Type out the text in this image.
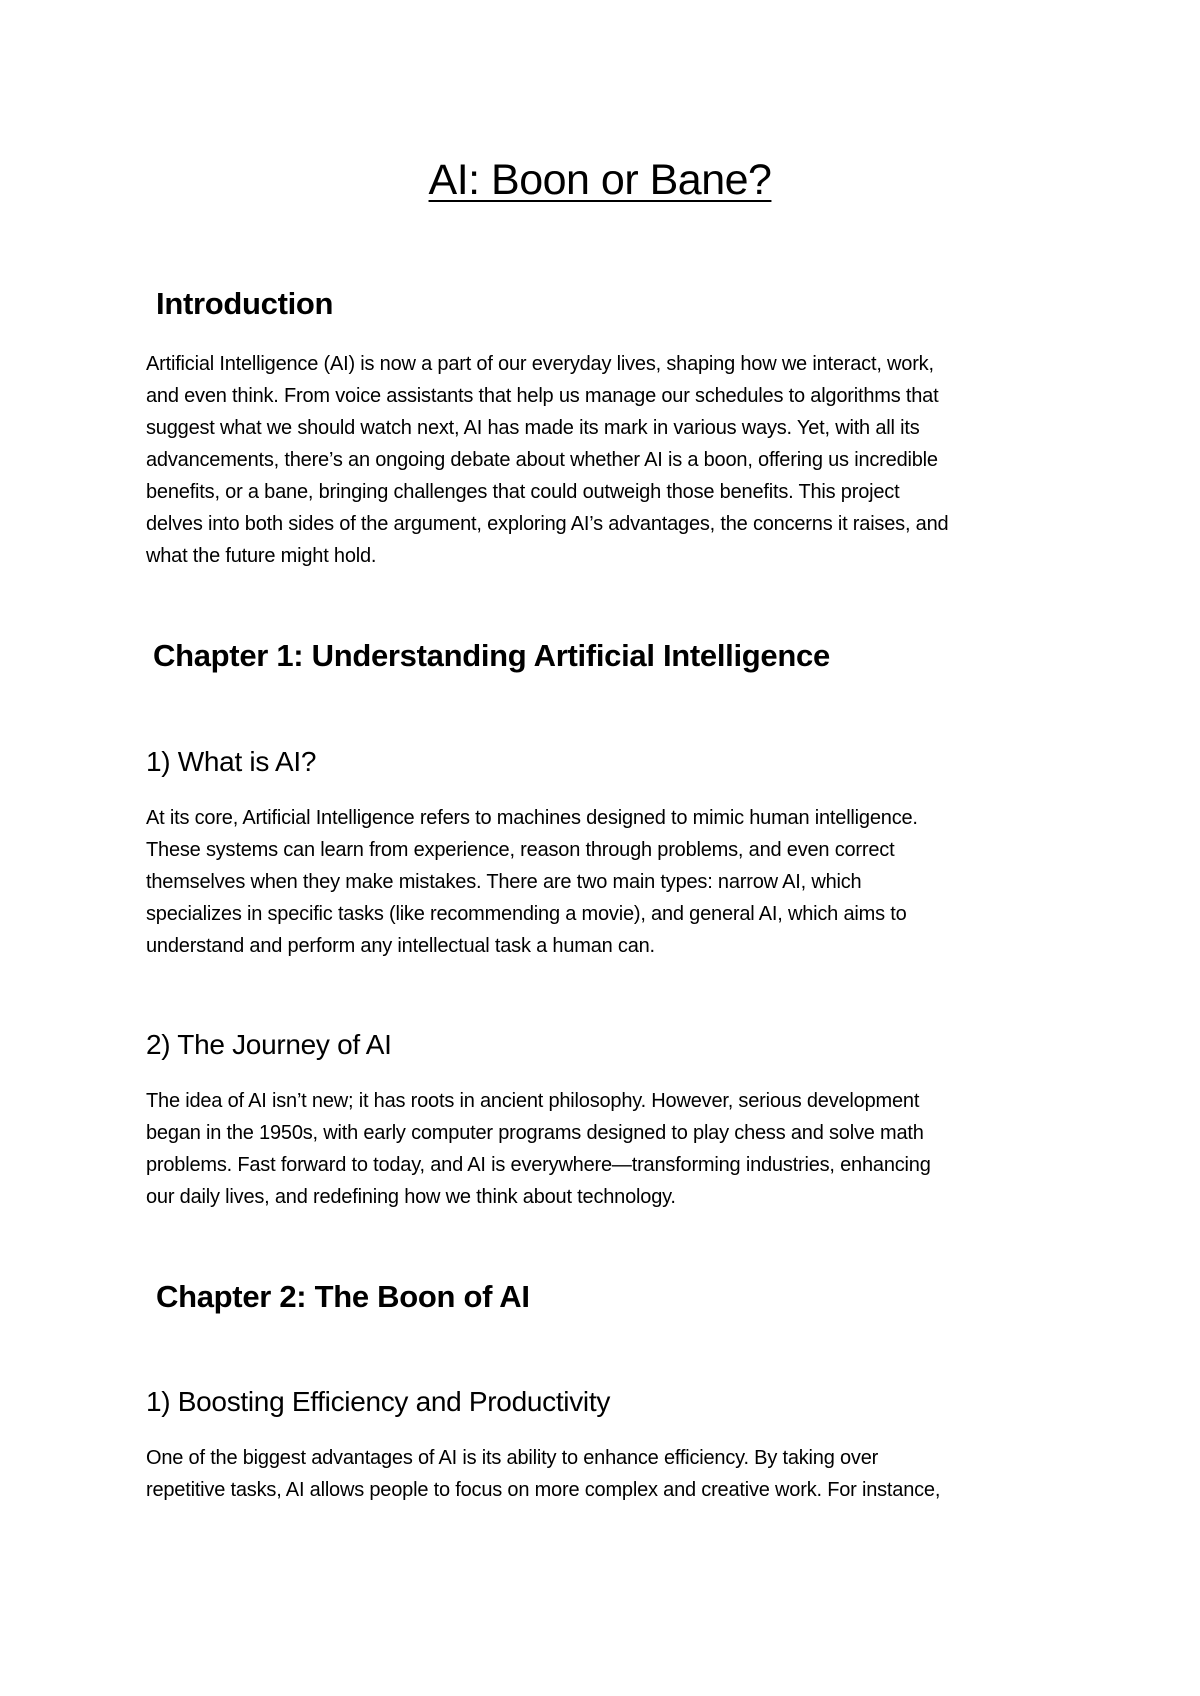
AI: Boon or Bane?
Introduction
Artificial Intelligence (AI) is now a part of our everyday lives, shaping how we interact, work,
and even think. From voice assistants that help us manage our schedules to algorithms that
suggest what we should watch next, AI has made its mark in various ways. Yet, with all its
advancements, there’s an ongoing debate about whether AI is a boon, offering us incredible
benefits, or a bane, bringing challenges that could outweigh those benefits. This project
delves into both sides of the argument, exploring AI’s advantages, the concerns it raises, and
what the future might hold.
Chapter 1: Understanding Artificial Intelligence
1) What is AI?
At its core, Artificial Intelligence refers to machines designed to mimic human intelligence.
These systems can learn from experience, reason through problems, and even correct
themselves when they make mistakes. There are two main types: narrow AI, which
specializes in specific tasks (like recommending a movie), and general AI, which aims to
understand and perform any intellectual task a human can.
2) The Journey of AI
The idea of AI isn’t new; it has roots in ancient philosophy. However, serious development
began in the 1950s, with early computer programs designed to play chess and solve math
problems. Fast forward to today, and AI is everywhere—transforming industries, enhancing
our daily lives, and redefining how we think about technology.
Chapter 2: The Boon of AI
1) Boosting Efficiency and Productivity
One of the biggest advantages of AI is its ability to enhance efficiency. By taking over
repetitive tasks, AI allows people to focus on more complex and creative work. For instance,
